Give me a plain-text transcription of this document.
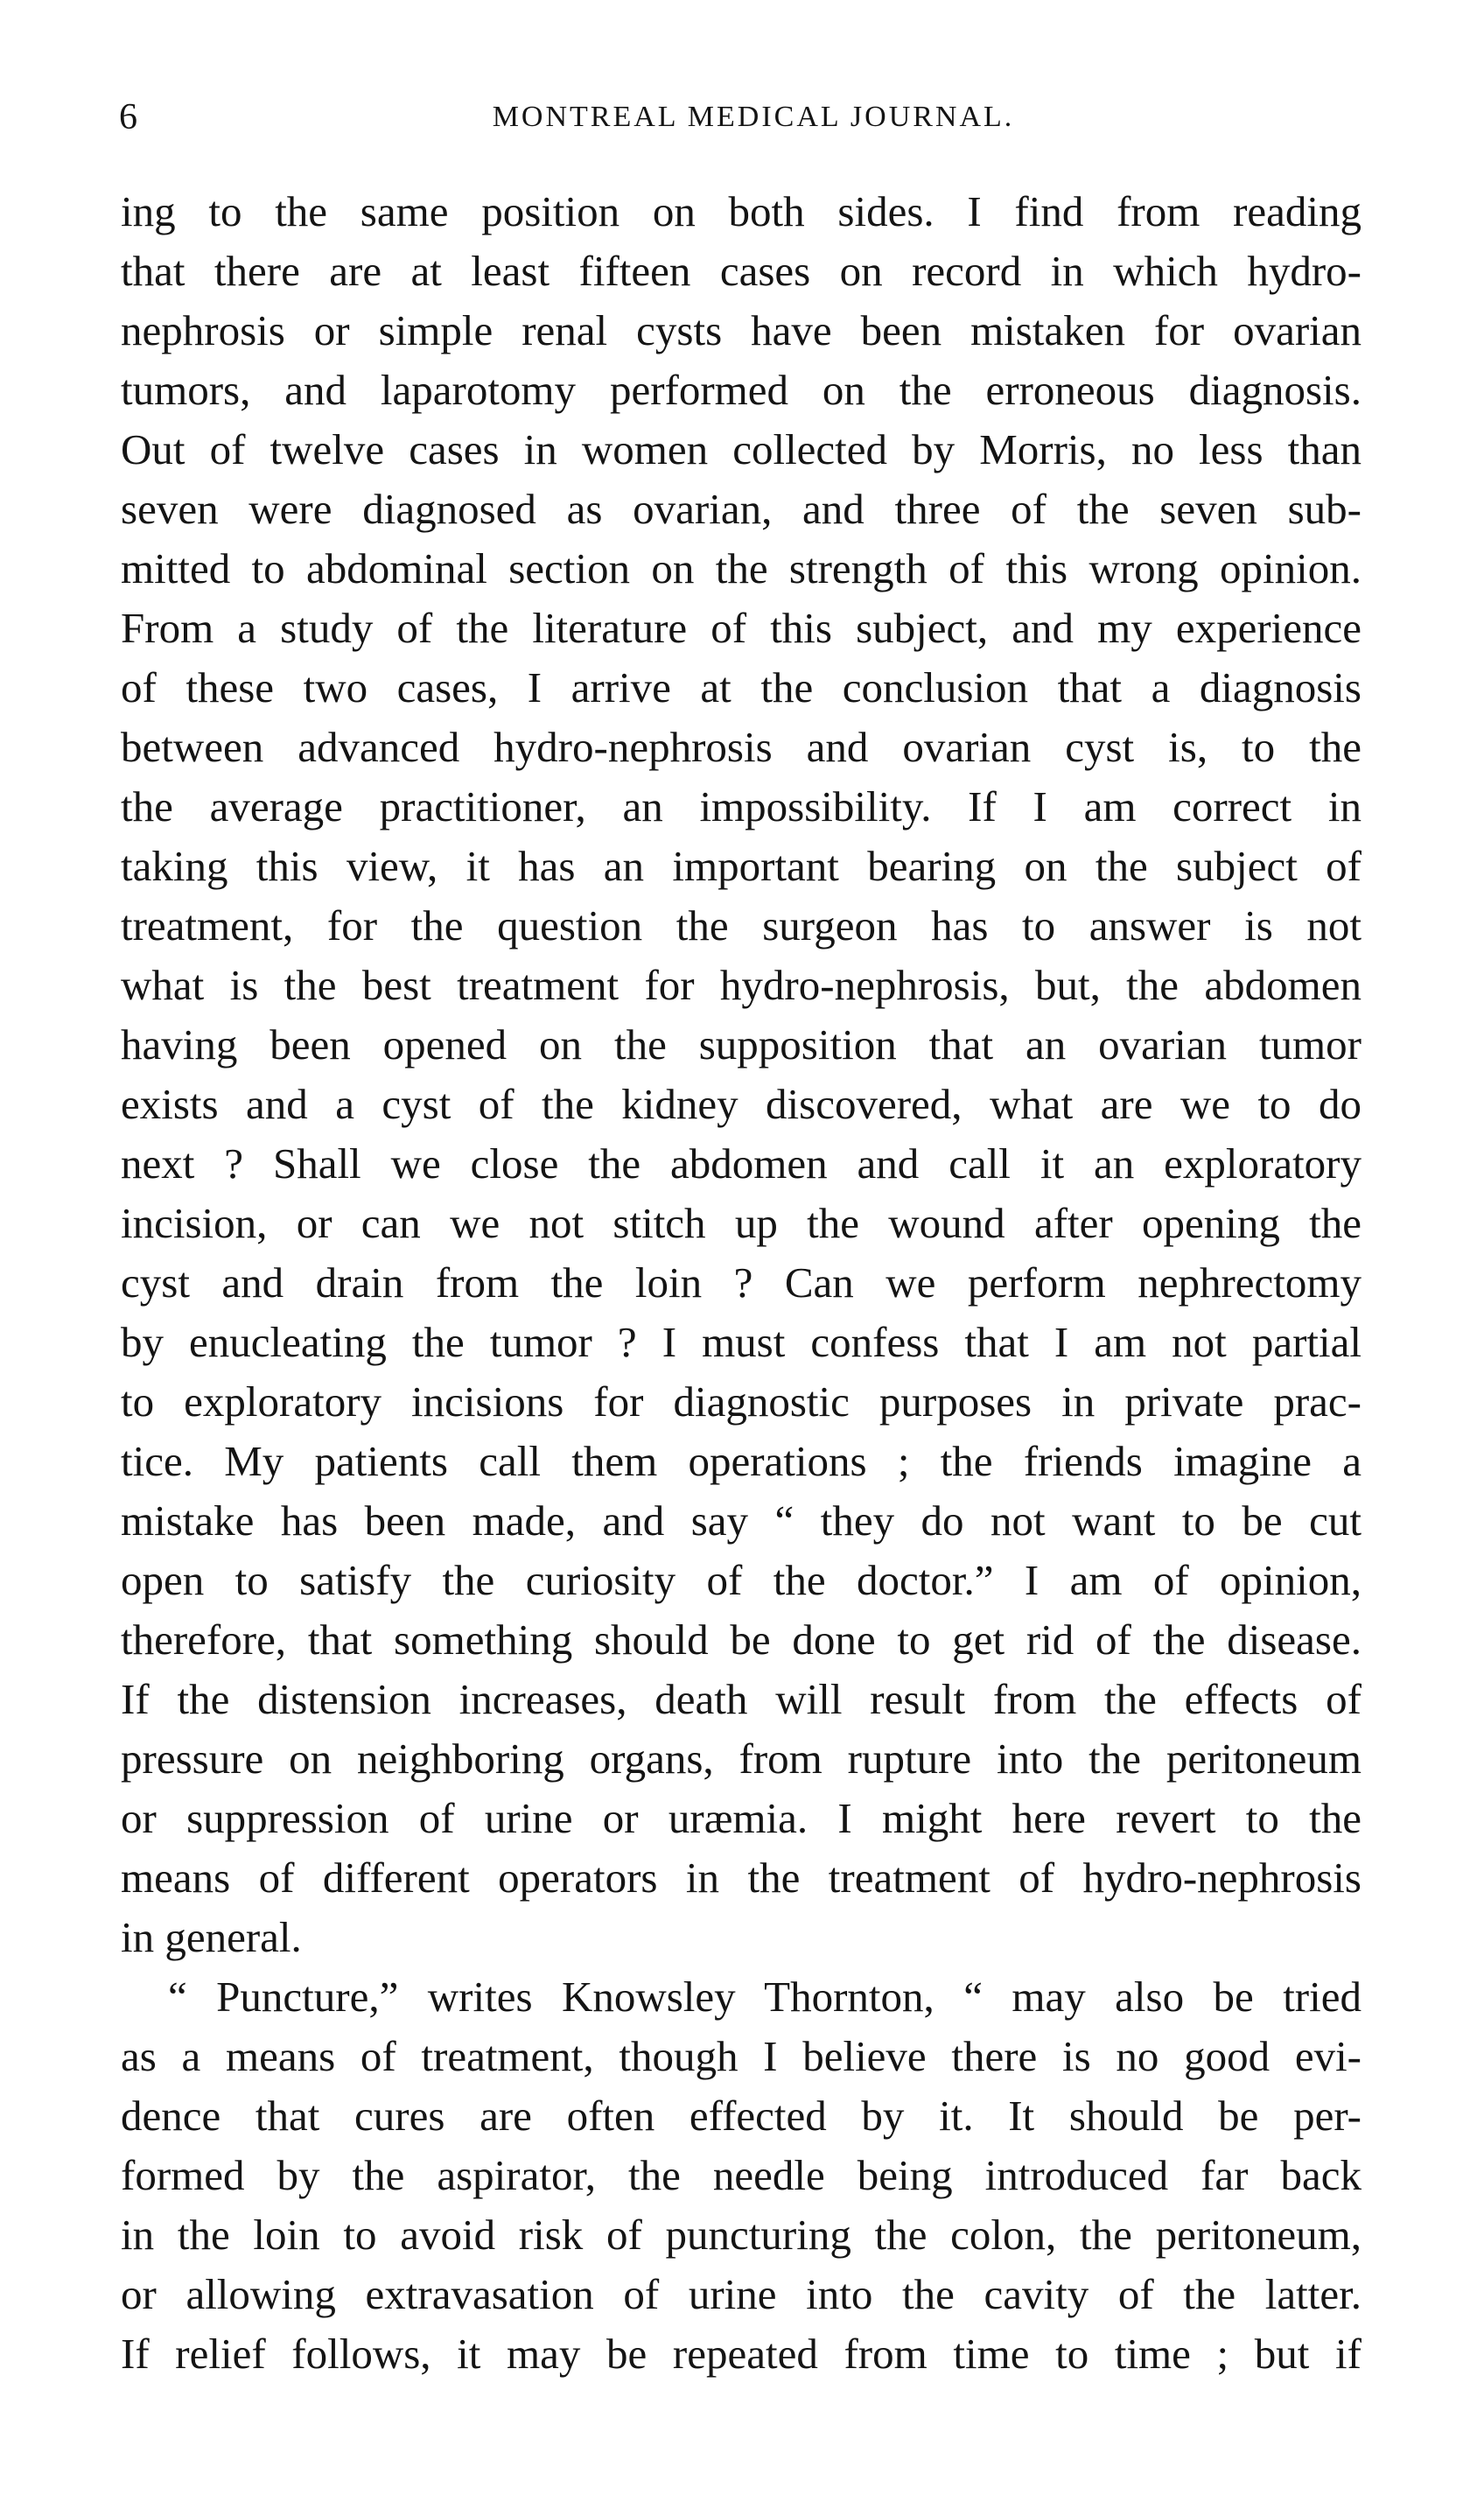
6	MONTREAL MEDICAL JOURNAL.
ing to the same position on both sides. I find from reading
that there are at least fifteen cases on record in which hydro-
nephrosis or simple renal cysts have been mistaken for ovarian
tumors, and laparotomy performed on the erroneous diagnosis.
Out of twelve cases in women collected by Morris, no less than
seven were diagnosed as ovarian, and three of the seven sub-
mitted to abdominal section on the strength of this wrong opinion.
From a study of the literature of this subject, and my experience
of these two cases, I arrive at the conclusion that a diagnosis
between advanced hydro-nephrosis and ovarian cyst is, to the
the average practitioner, an impossibility. If I am correct in
taking this view, it has an important bearing on the subject of
treatment, for the question the surgeon has to answer is not
what is the best treatment for hydro-nephrosis, but, the abdomen
having been opened on the supposition that an ovarian tumor
exists and a cyst of the kidney discovered, what are we to do
next ? Shall we close the abdomen and call it an exploratory
incision, or can we not stitch up the wound after opening the
cyst and drain from the loin ? Can we perform nephrectomy
by enucleating the tumor ? I must confess that I am not partial
to exploratory incisions for diagnostic purposes in private prac-
tice. My patients call them operations ; the friends imagine a
mistake has been made, and say “ they do not want to be cut
open to satisfy the curiosity of the doctor.” I am of opinion,
therefore, that something should be done to get rid of the disease.
If the distension increases, death will result from the effects of
pressure on neighboring organs, from rupture into the peritoneum
or suppression of urine or uræmia. I might here revert to the
means of different operators in the treatment of hydro-nephrosis
in general.
“ Puncture,” writes Knowsley Thornton, “ may also be tried
as a means of treatment, though I believe there is no good evi-
dence that cures are often effected by it. It should be per-
formed by the aspirator, the needle being introduced far back
in the loin to avoid risk of puncturing the colon, the peritoneum,
or allowing extravasation of urine into the cavity of the latter.
If relief follows, it may be repeated from time to time ; but if
